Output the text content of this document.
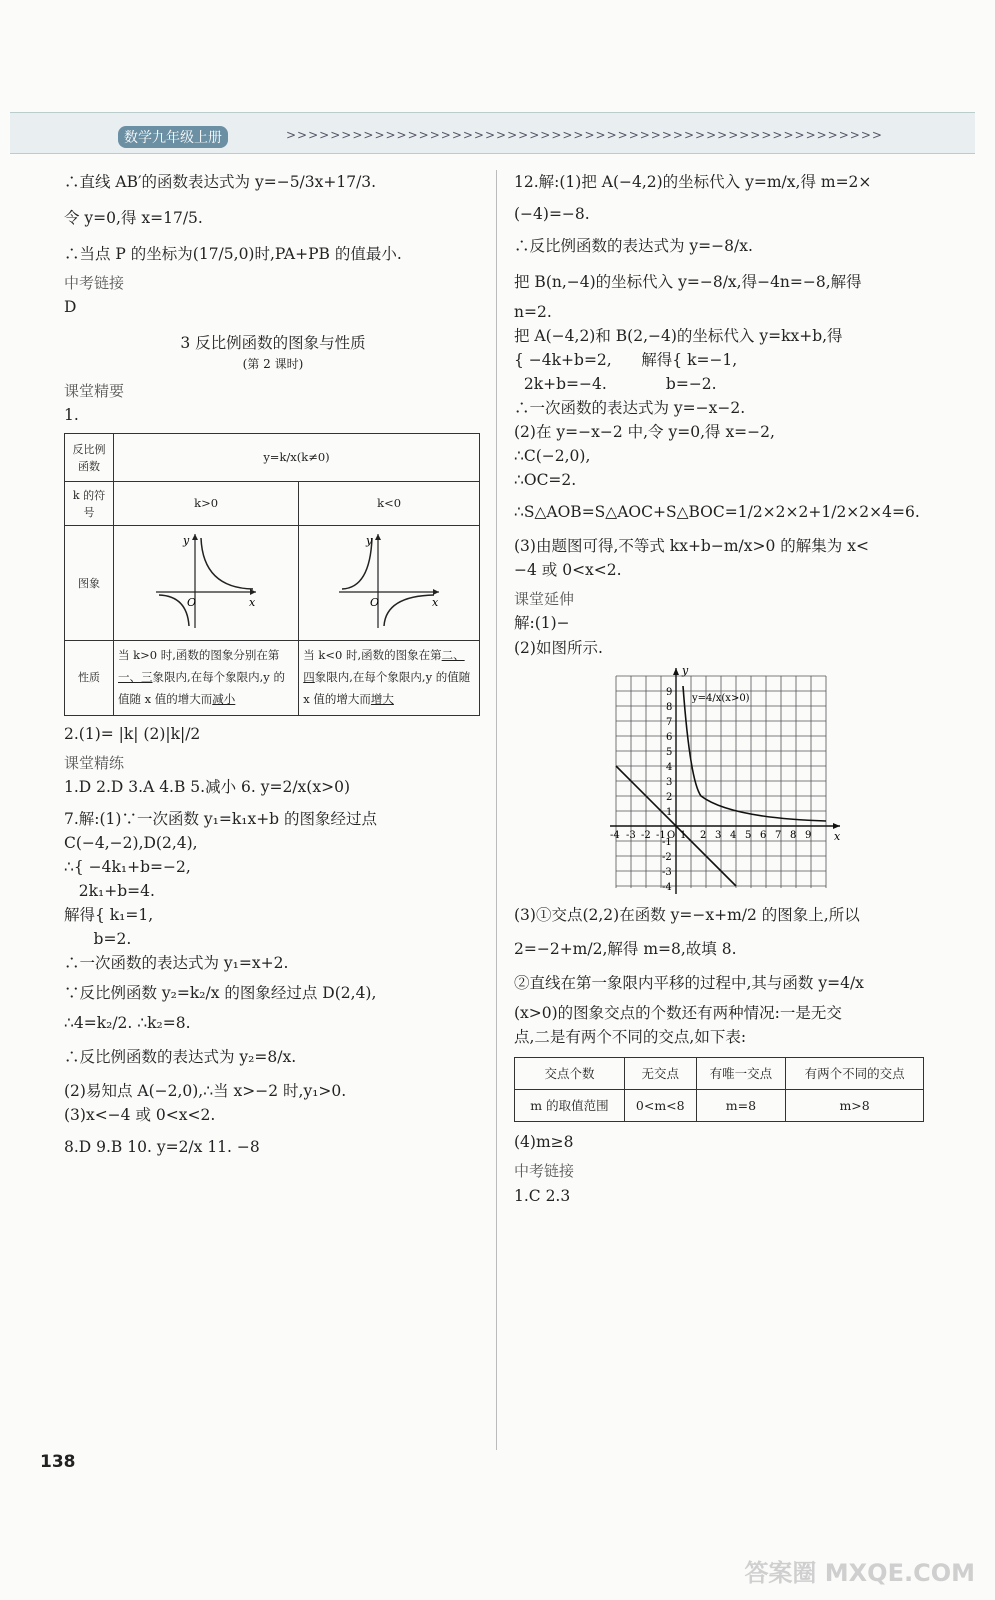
数学九年级上册	>>>>>>>>>>>>>>>>>>>>>>>>>>>>>>>>>>>>>>>>>>>>>>>>>>>>>>

∴直线 AB′的函数表达式为 y=−5/3x+17/3.

令 y=0,得 x=17/5.

∴当点 P 的坐标为(17/5,0)时,PA+PB 的值最小.

中考链接

D

3 反比例函数的图象与性质

(第 2 课时)

课堂精要

1.

反比例函数	y=k/x(k≠0)	
k 的符号	k>0	k<0
图象	y
O x	y
O x

性质	当 k>0 时,函数的图象分别在第一、三象限内,在每个象限内,y 的值随 x 值的增大而减小	当 k<0 时,函数的图象在第二、四象限内,在每个象限内,y 的值随 x 值的增大而增大

2.(1)= |k| (2)|k|/2

课堂精练

1.D 2.D 3.A 4.B 5.减小 6. y=2/x(x>0)

7.解:(1)∵一次函数 y₁=k₁x+b 的图象经过点

C(−4,−2),D(2,4),

∴{ −4k₁+b=−2,

2k₁+b=4.

解得{ k₁=1,

b=2.

∴一次函数的表达式为 y₁=x+2.

∵反比例函数 y₂=k₂/x 的图象经过点 D(2,4),

∴4=k₂/2. ∴k₂=8.

∴反比例函数的表达式为 y₂=8/x.

(2)易知点 A(−2,0),∴当 x>−2 时,y₁>0.

(3)x<−4 或 0<x<2.

8.D 9.B 10. y=2/x 11. −8

12.解:(1)把 A(−4,2)的坐标代入 y=m/x,得 m=2×

(−4)=−8.

∴反比例函数的表达式为 y=−8/x.

把 B(n,−4)的坐标代入 y=−8/x,得−4n=−8,解得

n=2.

把 A(−4,2)和 B(2,−4)的坐标代入 y=kx+b,得

{ −4k+b=2,      解得{ k=−1,

2k+b=−4.            b=−2.

∴一次函数的表达式为 y=−x−2.

(2)在 y=−x−2 中,令 y=0,得 x=−2,

∴C(−2,0),

∴OC=2.

∴S△AOB=S△AOC+S△BOC=1/2×2×2+1/2×2×4=6.

(3)由题图可得,不等式 kx+b−m/x>0 的解集为 x<

−4 或 0<x<2.

课堂延伸

解:(1)−

(2)如图所示.

y
x
y=4/x(x>0)
-4 -3 -2 -1 O 1 2 3 4 5 6 7 8 9
9
8
7
6
5
4
3
2
1
-1
-2
-3
-4

(3)①交点(2,2)在函数 y=−x+m/2 的图象上,所以

2=−2+m/2,解得 m=8,故填 8.

②直线在第一象限内平移的过程中,其与函数 y=4/x

(x>0)的图象交点的个数还有两种情况:一是无交

点,二是有两个不同的交点,如下表:

交点个数	无交点	有唯一交点	有两个不同的交点
m 的取值范围	0<m<8	m=8	m>8

(4)m≥8

中考链接

1.C 2.3

138
答案圈 MXQE.COM
